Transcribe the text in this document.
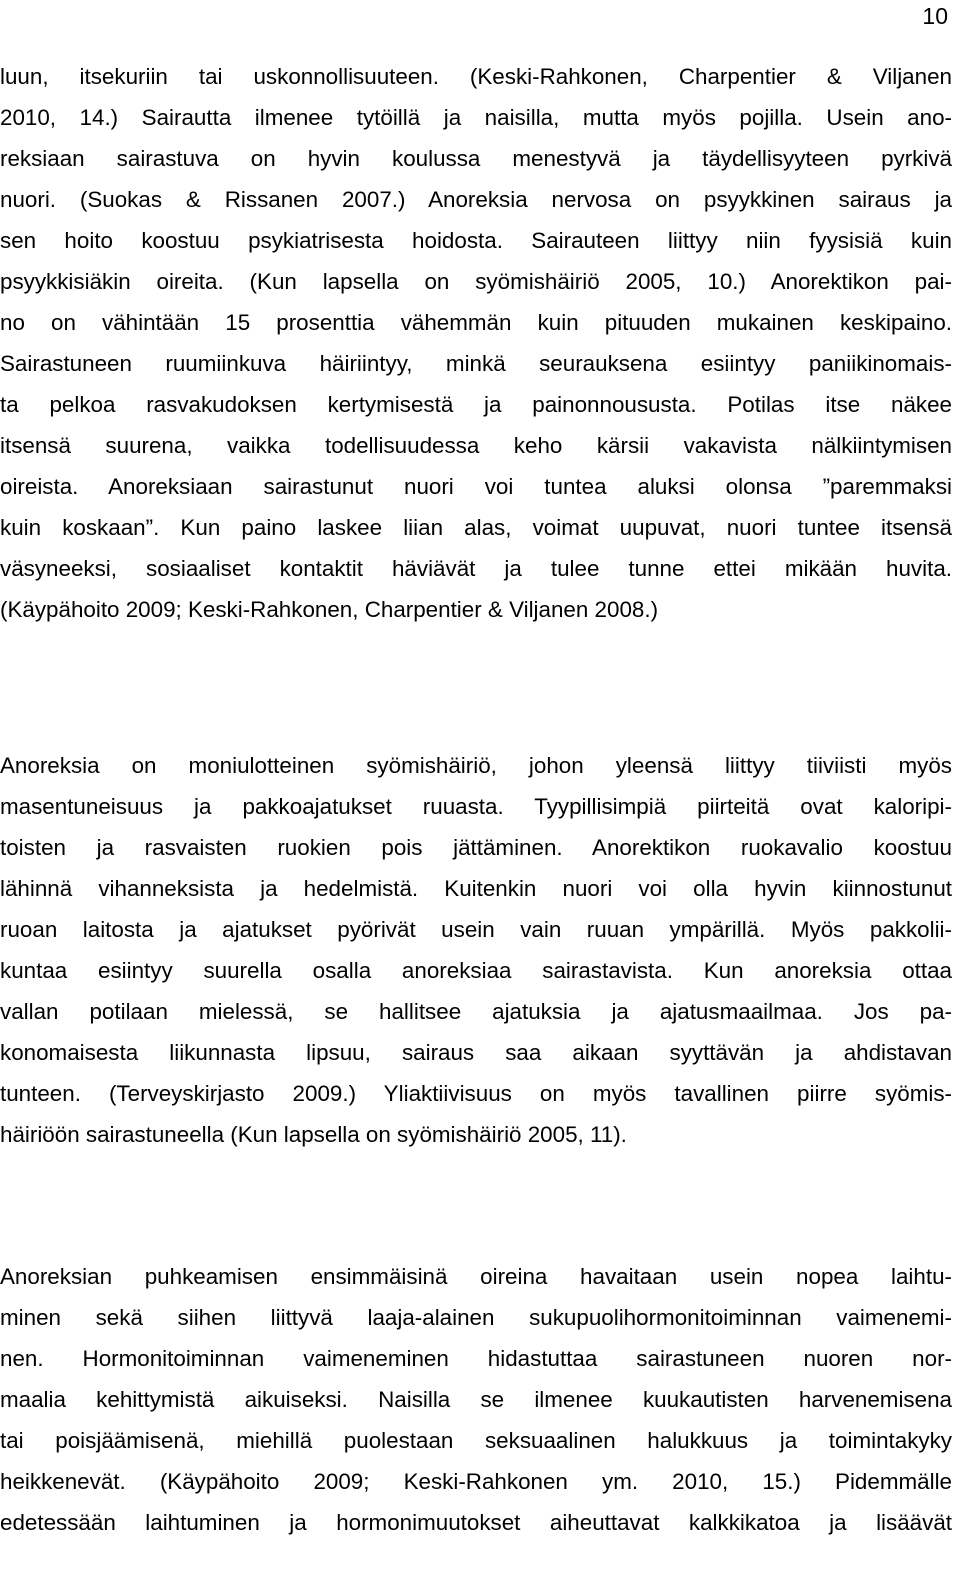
10
luun, itsekuriin tai uskonnollisuuteen. (Keski-Rahkonen, Charpentier & Viljanen
2010, 14.) Sairautta ilmenee tytöillä ja naisilla, mutta myös pojilla. Usein ano-
reksiaan sairastuva on hyvin koulussa menestyvä ja täydellisyyteen pyrkivä
nuori. (Suokas & Rissanen 2007.) Anoreksia nervosa on psyykkinen sairaus ja
sen hoito koostuu psykiatrisesta hoidosta. Sairauteen liittyy niin fyysisiä kuin
psyykkisiäkin oireita. (Kun lapsella on syömishäiriö 2005, 10.) Anorektikon pai-
no on vähintään 15 prosenttia vähemmän kuin pituuden mukainen keskipaino.
Sairastuneen ruumiinkuva häiriintyy, minkä seurauksena esiintyy paniikinomais-
ta pelkoa rasvakudoksen kertymisestä ja painonnousustа. Potilas itse näkee
itsensä suurena, vaikka todellisuudessa keho kärsii vakavista nälkiintymisen
oireista. Anoreksiaan sairastunut nuori voi tuntea aluksi olonsa ”paremmaksi
kuin koskaan”. Kun paino laskee liian alas, voimat uupuvat, nuori tuntee itsensä
väsyneeksi, sosiaaliset kontaktit häviävät ja tulee tunne ettei mikään huvita.
(Käypähoito 2009; Keski-Rahkonen, Charpentier & Viljanen 2008.)
Anoreksia on moniulotteinen syömishäiriö, johon yleensä liittyy tiiviisti myös
masentuneisuus ja pakkoajatukset ruuasta. Tyypillisimpiä piirteitä ovat kaloripi-
toisten ja rasvaisten ruokien pois jättäminen. Anorektikon ruokavalio koostuu
lähinnä vihanneksista ja hedelmistä. Kuitenkin nuori voi olla hyvin kiinnostunut
ruoan laitosta ja ajatukset pyörivät usein vain ruuan ympärillä. Myös pakkolii-
kuntaa esiintyy suurella osalla anoreksiaa sairastavista. Kun anoreksia ottaa
vallan potilaan mielessä, se hallitsee ajatuksia ja ajatusmaailmaa. Jos pa-
konomaisesta liikunnasta lipsuu, sairaus saa aikaan syyttävän ja ahdistavan
tunteen. (Terveyskirjasto 2009.) Yliaktiivisuus on myös tavallinen piirre syömis-
häiriöön sairastuneella (Kun lapsella on syömishäiriö 2005, 11).
Anoreksian puhkeamisen ensimmäisinä oireina havaitaan usein nopea laihtu-
minen sekä siihen liittyvä laaja-alainen sukupuolihormonitoiminnan vaimenemi-
nen. Hormonitoiminnan vaimeneminen hidastuttaa sairastuneen nuoren nor-
maalia kehittymistä aikuiseksi. Naisilla se ilmenee kuukautisten harvenemisena
tai poisjäämisenä, miehillä puolestaan seksuaalinen halukkuus ja toimintakyky
heikkenevät. (Käypähoito 2009; Keski-Rahkonen ym. 2010, 15.) Pidemmälle
edetessään laihtuminen ja hormonimuutokset aiheuttavat kalkkikatoa ja lisäävät
